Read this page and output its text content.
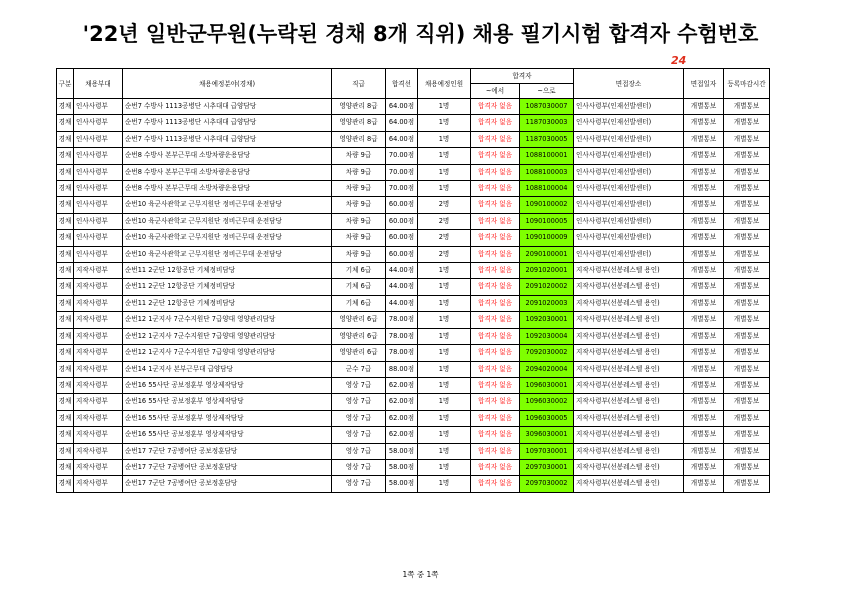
'22년 일반군무원(누락된 경채 8개 직위) 채용 필기시험 합격자 수험번호
24
구분	채용부대	채용예정분야(경채)	직급	합격선	채용예정인원	합격자		면접장소	면접일자	등록마감시간
						~에서	~으로			
경채	인사사령부	순번7 수방사 1113공병단 시추대대 급양담당	영양관리 8급	64.00점	1명	합격자 없음	1087030007	인사사령부(인재선발센터)	개별통보	개별통보
경채	인사사령부	순번7 수방사 1113공병단 시추대대 급양담당	영양관리 8급	64.00점	1명	합격자 없음	1187030003	인사사령부(인재선발센터)	개별통보	개별통보
경채	인사사령부	순번7 수방사 1113공병단 시추대대 급양담당	영양관리 8급	64.00점	1명	합격자 없음	1187030005	인사사령부(인재선발센터)	개별통보	개별통보
경채	인사사령부	순번8 수방사 본부근무대 소방차량운용담당	차량 9급	70.00점	1명	합격자 없음	1088100001	인사사령부(인재선발센터)	개별통보	개별통보
경채	인사사령부	순번8 수방사 본부근무대 소방차량운용담당	차량 9급	70.00점	1명	합격자 없음	1088100003	인사사령부(인재선발센터)	개별통보	개별통보
경채	인사사령부	순번8 수방사 본부근무대 소방차량운용담당	차량 9급	70.00점	1명	합격자 없음	1088100004	인사사령부(인재선발센터)	개별통보	개별통보
경채	인사사령부	순번10 육군사관학교 근무지원단 정비근무대 운전담당	차량 9급	60.00점	2명	합격자 없음	1090100002	인사사령부(인재선발센터)	개별통보	개별통보
경채	인사사령부	순번10 육군사관학교 근무지원단 정비근무대 운전담당	차량 9급	60.00점	2명	합격자 없음	1090100005	인사사령부(인재선발센터)	개별통보	개별통보
경채	인사사령부	순번10 육군사관학교 근무지원단 정비근무대 운전담당	차량 9급	60.00점	2명	합격자 없음	1090100009	인사사령부(인재선발센터)	개별통보	개별통보
경채	인사사령부	순번10 육군사관학교 근무지원단 정비근무대 운전담당	차량 9급	60.00점	2명	합격자 없음	2090100001	인사사령부(인재선발센터)	개별통보	개별통보
경채	지작사령부	순번11 2군단 12항공단 기체정비담당	기체 6급	44.00점	1명	합격자 없음	2091020001	지작사령부(선봉레스텔 용인)	개별통보	개별통보
경채	지작사령부	순번11 2군단 12항공단 기체정비담당	기체 6급	44.00점	1명	합격자 없음	2091020002	지작사령부(선봉레스텔 용인)	개별통보	개별통보
경채	지작사령부	순번11 2군단 12항공단 기체정비담당	기체 6급	44.00점	1명	합격자 없음	2091020003	지작사령부(선봉레스텔 용인)	개별통보	개별통보
경채	지작사령부	순번12 1군지사 7군수지원단 7급양대 영양관리담당	영양관리 6급	78.00점	1명	합격자 없음	1092030001	지작사령부(선봉레스텔 용인)	개별통보	개별통보
경채	지작사령부	순번12 1군지사 7군수지원단 7급양대 영양관리담당	영양관리 6급	78.00점	1명	합격자 없음	1092030004	지작사령부(선봉레스텔 용인)	개별통보	개별통보
경채	지작사령부	순번12 1군지사 7군수지원단 7급양대 영양관리담당	영양관리 6급	78.00점	1명	합격자 없음	7092030002	지작사령부(선봉레스텔 용인)	개별통보	개별통보
경채	지작사령부	순번14 1군지사 본부근무대 급양담당	군수 7급	88.00점	1명	합격자 없음	2094020004	지작사령부(선봉레스텔 용인)	개별통보	개별통보
경채	지작사령부	순번16 55사단 공보정훈부 영상제작담당	영상 7급	62.00점	1명	합격자 없음	1096030001	지작사령부(선봉레스텔 용인)	개별통보	개별통보
경채	지작사령부	순번16 55사단 공보정훈부 영상제작담당	영상 7급	62.00점	1명	합격자 없음	1096030002	지작사령부(선봉레스텔 용인)	개별통보	개별통보
경채	지작사령부	순번16 55사단 공보정훈부 영상제작담당	영상 7급	62.00점	1명	합격자 없음	1096030005	지작사령부(선봉레스텔 용인)	개별통보	개별통보
경채	지작사령부	순번16 55사단 공보정훈부 영상제작담당	영상 7급	62.00점	1명	합격자 없음	3096030001	지작사령부(선봉레스텔 용인)	개별통보	개별통보
경채	지작사령부	순번17 7군단 7공병여단 공보정훈담당	영상 7급	58.00점	1명	합격자 없음	1097030001	지작사령부(선봉레스텔 용인)	개별통보	개별통보
경채	지작사령부	순번17 7군단 7공병여단 공보정훈담당	영상 7급	58.00점	1명	합격자 없음	2097030001	지작사령부(선봉레스텔 용인)	개별통보	개별통보
경채	지작사령부	순번17 7군단 7공병여단 공보정훈담당	영상 7급	58.00점	1명	합격자 없음	2097030002	지작사령부(선봉레스텔 용인)	개별통보	개별통보
1쪽 중 1쪽
